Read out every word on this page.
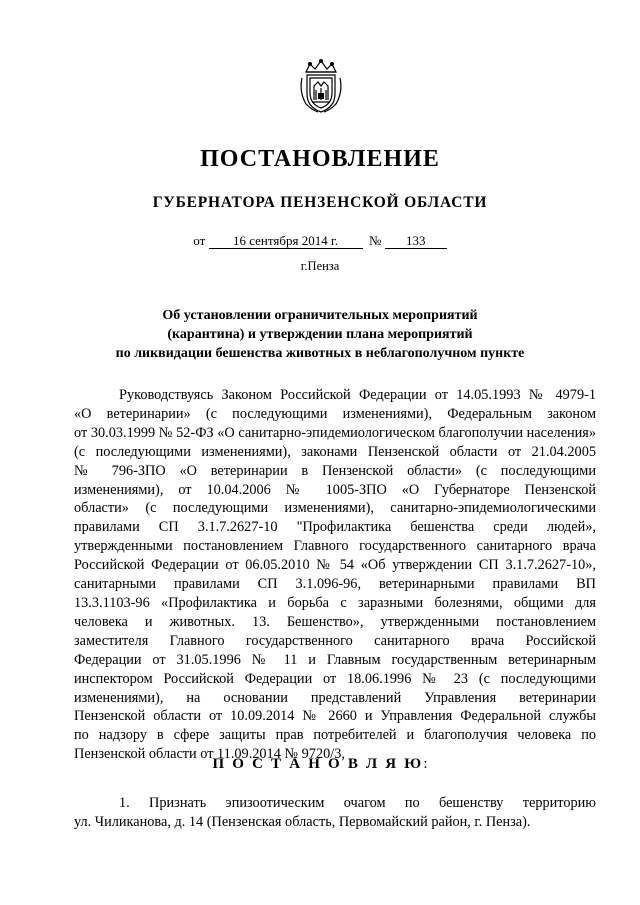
ПОСТАНОВЛЕНИЕ
ГУБЕРНАТОРА ПЕНЗЕНСКОЙ ОБЛАСТИ
от 16 сентября 2014 г. № 133
г.Пенза
Об установлении ограничительных мероприятий
(карантина) и утверждении плана мероприятий
по ликвидации бешенства животных в неблагополучном пункте
Руководствуясь Законом Российской Федерации от 14.05.1993 № 4979-1
«О ветеринарии» (с последующими изменениями), Федеральным законом
от 30.03.1999 № 52-ФЗ «О санитарно-эпидемиологическом благополучии населения»
(с последующими изменениями), законами Пензенской области от 21.04.2005
№ 796-ЗПО «О ветеринарии в Пензенской области» (с последующими
изменениями), от 10.04.2006 № 1005-ЗПО «О Губернаторе Пензенской
области» (с последующими изменениями), санитарно-эпидемиологическими
правилами СП 3.1.7.2627-10 "Профилактика бешенства среди людей»,
утвержденными постановлением Главного государственного санитарного врача
Российской Федерации от 06.05.2010 № 54 «Об утверждении СП 3.1.7.2627-10»,
санитарными правилами СП 3.1.096-96, ветеринарными правилами ВП
13.3.1103-96 «Профилактика и борьба с заразными болезнями, общими для
человека и животных. 13. Бешенство», утвержденными постановлением
заместителя Главного государственного санитарного врача Российской
Федерации от 31.05.1996 № 11 и Главным государственным ветеринарным
инспектором Российской Федерации от 18.06.1996 № 23 (с последующими
изменениями), на основании представлений Управления ветеринарии
Пензенской области от 10.09.2014 № 2660 и Управления Федеральной службы
по надзору в сфере защиты прав потребителей и благополучия человека по
Пензенской области от 11.09.2014 № 9720/3,
П О С Т А Н О В Л Я Ю:
1. Признать эпизоотическим очагом по бешенству территорию
ул. Чиликанова, д. 14 (Пензенская область, Первомайский район, г. Пенза).
